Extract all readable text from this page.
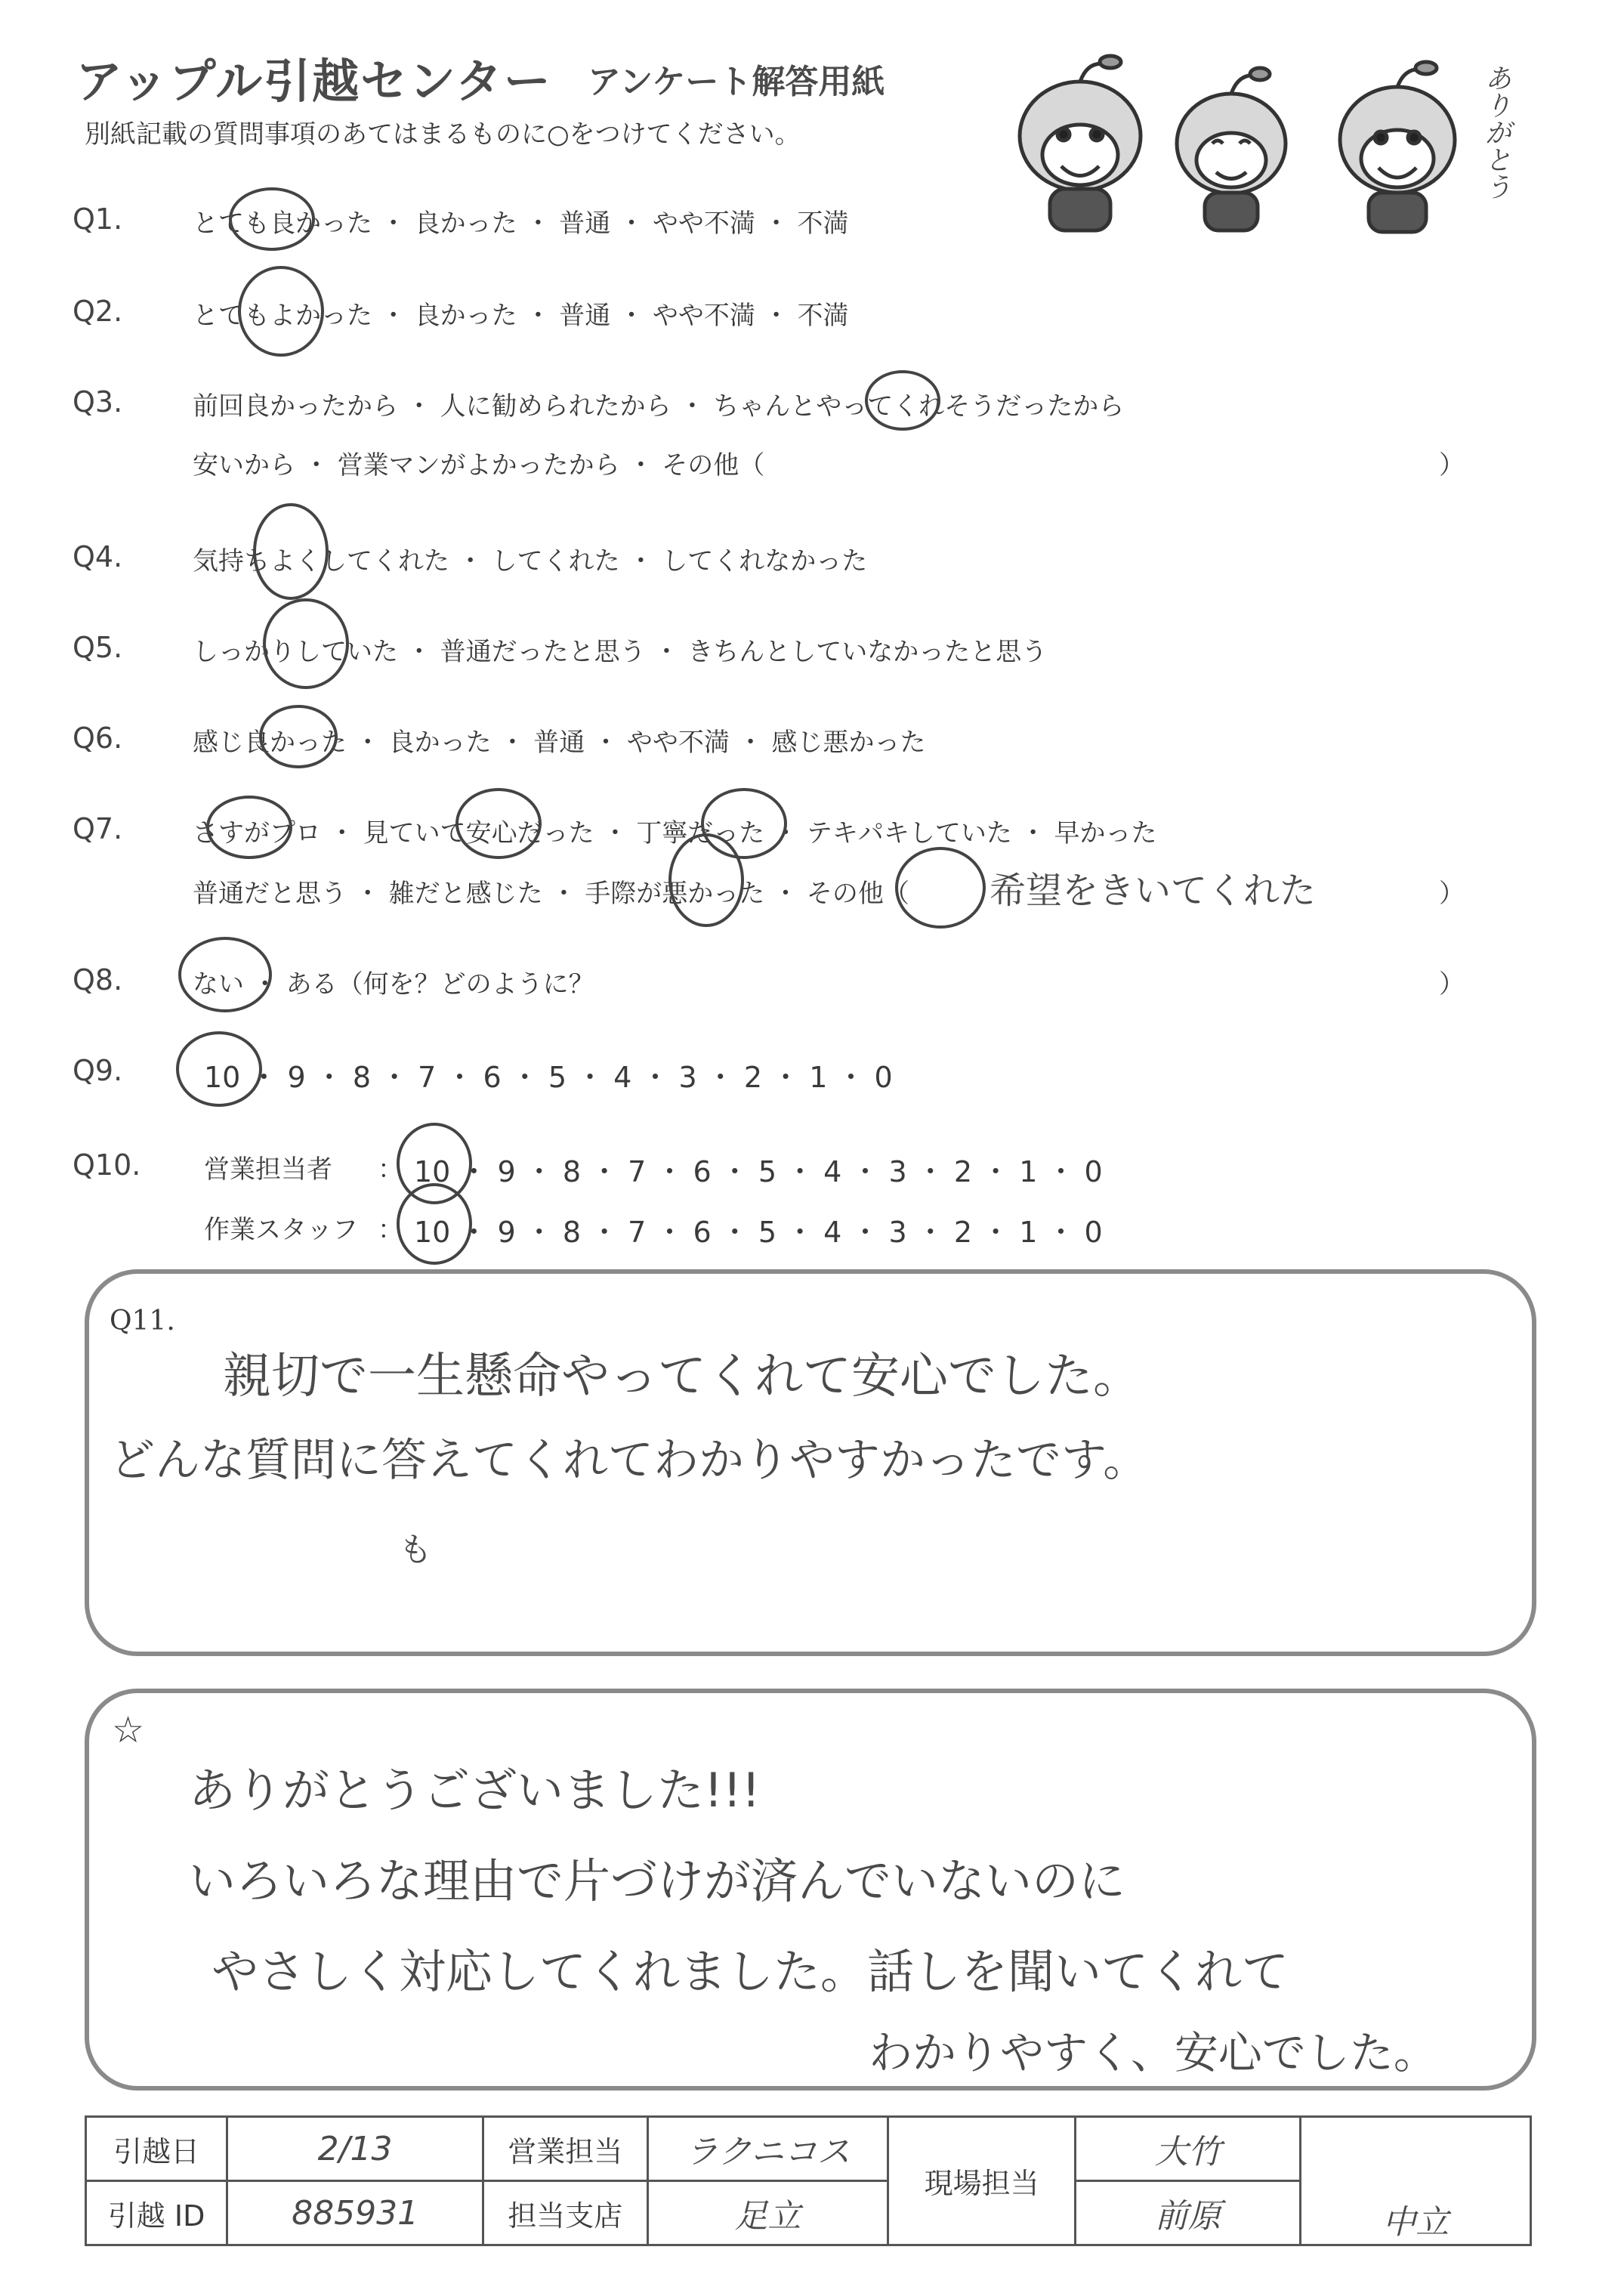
アップル引越センター アンケート解答用紙
別紙記載の質問事項のあてはまるものに○をつけてください。	ありがとう
Q1.	とても良かった ・ 良かった ・ 普通 ・ やや不満 ・ 不満
Q2.	とてもよかった ・ 良かった ・ 普通 ・ やや不満 ・ 不満
Q3.	前回良かったから ・ 人に勧められたから ・ ちゃんとやってくれそうだったから
安いから ・ 営業マンがよかったから ・ その他（	）
Q4.	気持ちよくしてくれた ・ してくれた ・ してくれなかった
Q5.	しっかりしていた ・ 普通だったと思う ・ きちんとしていなかったと思う
Q6.	感じ良かった ・ 良かった ・ 普通 ・ やや不満 ・ 感じ悪かった
Q7.	さすがプロ ・ 見ていて安心だった ・ 丁寧だった ・ テキパキしていた ・ 早かった
普通だと思う ・ 雑だと感じた ・ 手際が悪かった ・ その他（ 希望をきいてくれた	）
Q8.	ない ・ ある（何を？どのように？	）
Q9.	10 ・ 9 ・ 8 ・ 7 ・ 6 ・ 5 ・ 4 ・ 3 ・ 2 ・ 1 ・ 0
Q10. 営業担当者 ： 10 ・ 9 ・ 8 ・ 7 ・ 6 ・ 5 ・ 4 ・ 3 ・ 2 ・ 1 ・ 0
作業スタッフ ： 10 ・ 9 ・ 8 ・ 7 ・ 6 ・ 5 ・ 4 ・ 3 ・ 2 ・ 1 ・ 0
Q11.
親切で一生懸命やってくれて安心でした。
どんな質問に答えてくれてわかりやすかったです。
も
☆
ありがとうございました!!!
いろいろな理由で片づけが済んでいないのに
やさしく対応してくれました。話しを聞いてくれて
わかりやすく、安心でした。
引越日	2/13	営業担当	ラクニコス	現場担当	大竹	中立
引越 ID	885931	担当支店	足立		前原	
